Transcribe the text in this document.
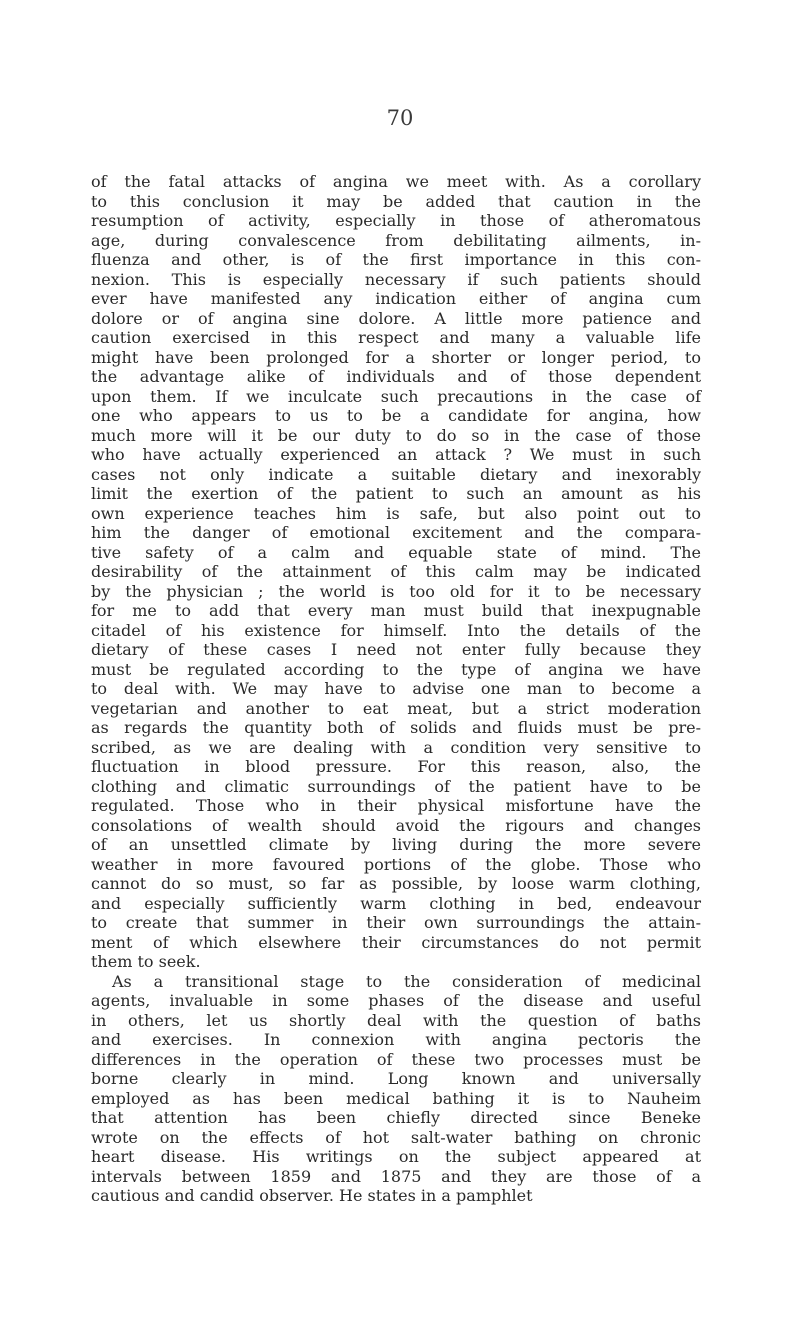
70
of the fatal attacks of angina we meet with. As a corollary
to this conclusion it may be added that caution in the
resumption of activity, especially in those of atheromatous
age, during convalescence from debilitating ailments, in-
fluenza and other, is of the first importance in this con-
nexion. This is especially necessary if such patients should
ever have manifested any indication either of angina cum
dolore or of angina sine dolore. A little more patience and
caution exercised in this respect and many a valuable life
might have been prolonged for a shorter or longer period, to
the advantage alike of individuals and of those dependent
upon them. If we inculcate such precautions in the case of
one who appears to us to be a candidate for angina, how
much more will it be our duty to do so in the case of those
who have actually experienced an attack ? We must in such
cases not only indicate a suitable dietary and inexorably
limit the exertion of the patient to such an amount as his
own experience teaches him is safe, but also point out to
him the danger of emotional excitement and the compara-
tive safety of a calm and equable state of mind. The
desirability of the attainment of this calm may be indicated
by the physician ; the world is too old for it to be necessary
for me to add that every man must build that inexpugnable
citadel of his existence for himself. Into the details of the
dietary of these cases I need not enter fully because they
must be regulated according to the type of angina we have
to deal with. We may have to advise one man to become a
vegetarian and another to eat meat, but a strict moderation
as regards the quantity both of solids and fluids must be pre-
scribed, as we are dealing with a condition very sensitive to
fluctuation in blood pressure. For this reason, also, the
clothing and climatic surroundings of the patient have to be
regulated. Those who in their physical misfortune have the
consolations of wealth should avoid the rigours and changes
of an unsettled climate by living during the more severe
weather in more favoured portions of the globe. Those who
cannot do so must, so far as possible, by loose warm clothing,
and especially sufficiently warm clothing in bed, endeavour
to create that summer in their own surroundings the attain-
ment of which elsewhere their circumstances do not permit
them to seek.
As a transitional stage to the consideration of medicinal
agents, invaluable in some phases of the disease and useful
in others, let us shortly deal with the question of baths
and exercises. In connexion with angina pectoris the
differences in the operation of these two processes must be
borne clearly in mind. Long known and universally
employed as has been medical bathing it is to Nauheim
that attention has been chiefly directed since Beneke
wrote on the effects of hot salt-water bathing on chronic
heart disease. His writings on the subject appeared at
intervals between 1859 and 1875 and they are those of a
cautious and candid observer. He states in a pamphlet
